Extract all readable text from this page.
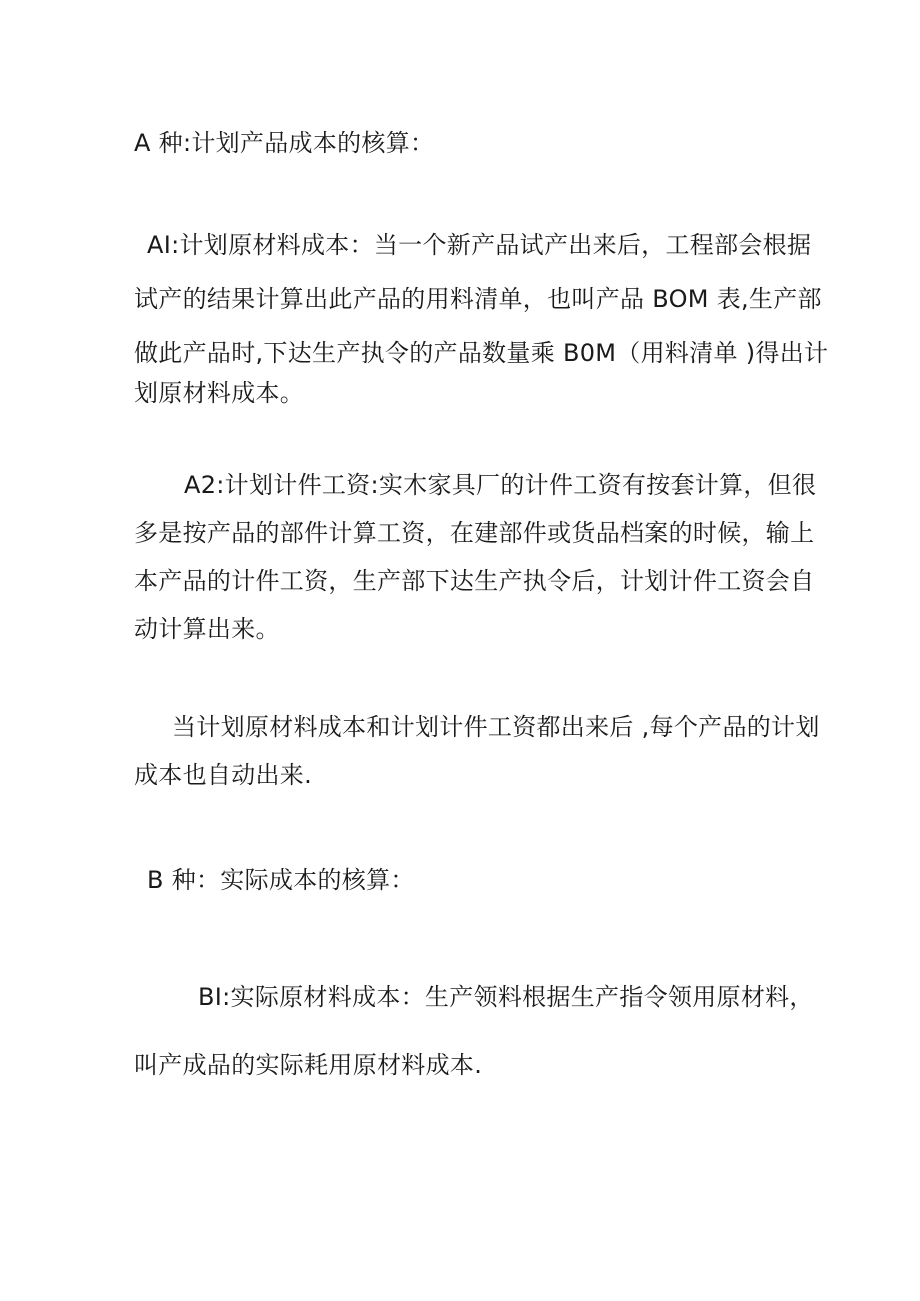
A 种:计划产品成本的核算：
AI:计划原材料成本：当一个新产品试产出来后，工程部会根据
试产的结果计算出此产品的用料清单，也叫产品 BOM 表,生产部
做此产品时,下达生产执令的产品数量乘 B0M（用料清单 )得出计
划原材料成本。
A2:计划计件工资:实木家具厂的计件工资有按套计算，但很
多是按产品的部件计算工资，在建部件或货品档案的时候，输上
本产品的计件工资，生产部下达生产执令后，计划计件工资会自
动计算出来。
当计划原材料成本和计划计件工资都出来后 ,每个产品的计划
成本也自动出来.
B 种：实际成本的核算：
BI:实际原材料成本：生产领料根据生产指令领用原材料，
叫产成品的实际耗用原材料成本.
